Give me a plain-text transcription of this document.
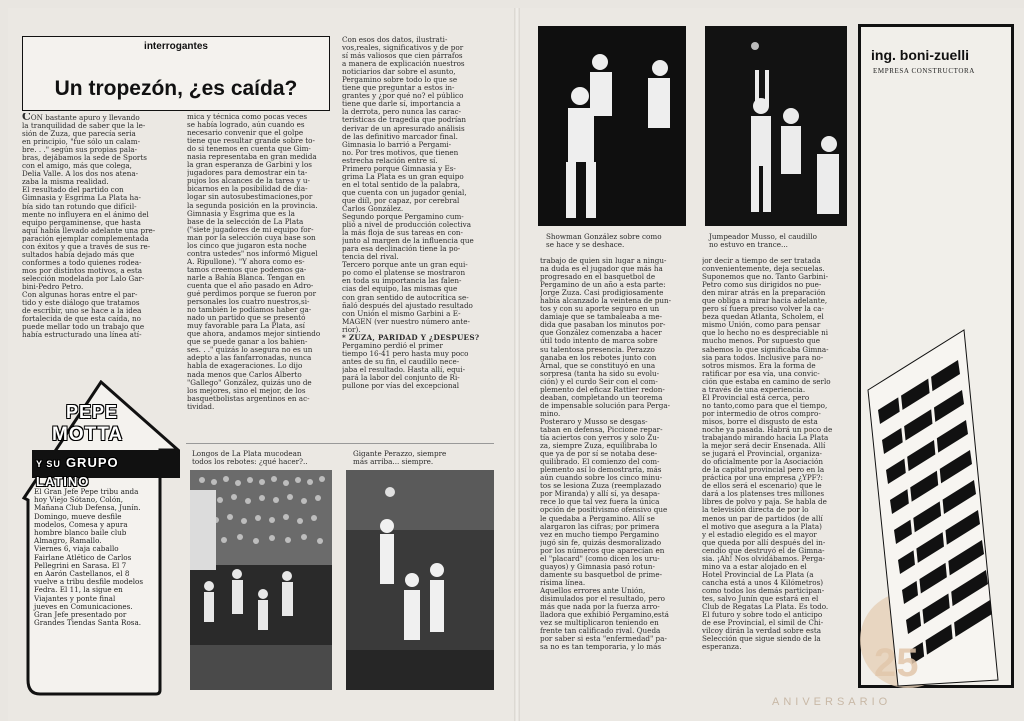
interrogantes
Un tropezón, ¿es caída?
CON bastante apuro y llevando
la tranquilidad de saber que la le-
sión de Zuza, que parecía seria
en principio, "fue sólo un calam-
bre. . ." según sus propias pala-
bras, dejábamos la sede de Sports
con el amigo, más que colega,
Delia Valle. A los dos nos atena-
zaba la misma realidad.
El resultado del partido con
Gimnasia y Esgrima La Plata ha-
bía sido tan rotundo que difícil-
mente no influyera en el ánimo del
equipo pergaminense, que hasta
aquí había llevado adelante una pre-
paración ejemplar complementada
con éxitos y que a través de sus re-
sultados había dejado más que
conformes a todo quienes rodea-
mos por distintos motivos, a esta
selección modelada por Lalo Gar-
bini-Pedro Petro.
Con algunas horas entre el par-
tido y este diálogo que tratamos
de escribir, uno se hace a la idea
fortalecida de que esta caída, no
puede mellar todo un trabajo que
había estructurado una línea atí-
mica y técnica como pocas veces
se había logrado, aún cuando es
necesario convenir que el golpe
tiene que resultar grande sobre to-
do si tenemos en cuenta que Gim-
nasia representaba en gran medida
la gran esperanza de Garbini y los
jugadores para demostrar ein ta-
pujos los alcances de la tarea y u-
bicarnos en la posibilidad de dia-
logar sin autosubestimaciones,por
la segunda posición en la provincia.
Gimnasia y Esgrima que es la
base de la selección de La Plata
("siete jugadores de mi equipo for-
man por la selección cuya base son
los cinco que jugaron esta noche
contra ustedes" nos informó Miguel
A. Ripullone). "Y ahora como es-
tamos creemos que podemos ga-
narle a Bahía Blanca. Tengan en
cuenta que el año pasado en Adro-
gué perdimos porque se fueron por
personales los cuatro nuestros,si-
no también le podíamos haber ga-
nado un partido que se presentó
muy favorable para La Plata, así
que ahora, andamos mejor sintiendo
que se puede ganar a los bahien-
ses. . ." quizás lo asegura no es un
adepto a las fanfarronadas, nunca
habla de exageraciones. Lo dijo
nada menos que Carlos Alberto
"Gallego" González, quizás uno de
los mejores, sino el mejor, de los
basquetbolistas argentinos en ac-
tividad.
Con esos dos datos, ilustrati-
vos,reales, significativos y de por
sí más valiosos que cien párrafos
a manera de explicación nuestros
noticiarios dar sobre el asunto,
Pergamino sobre todo lo que se
tiene que preguntar a estos in-
grantes y ¿por qué no? el público
tiene que darle sí, importancia a
la derrota, pero nunca las carac-
terísticas de tragedia que podrían
derivar de un apresurado análisis
de las definitivo marcador final.
Gimnasia lo barrió a Pergami-
no. Por tres motivos, que tienen
estrecha relación entre sí.
Primero porque Gimnasia y Es-
grima La Plata es un gran equipo
en el total sentido de la palabra,
que cuenta con un jugador genial,
que diíl, por capaz, por cerebral
Carlos González.
Segundo porque Pergamino cum-
plió a nivel de producción colectiva
la más floja de sus tareas en con-
junto al margen de la influencia que
para esa declinación tiene la po-
tencia del rival.
Tercero porque ante un gran equi-
po como el platense se mostraron
en toda su importancia las falen-
cias del equipo, las mismas que
con gran sentido de autocrítica se-
ñaló después del ajustado resultado
con Unión el mismo Garbini a E-
MAGEN (ver nuestro número ante-
rior).
* ZUZA, PARIDAD Y ¿DESPUES?
Pergamino perdió el primer
tiempo 16-41 pero hasta muy poco
antes de su fin, el caudillo nece-
jaba el resultado. Hasta allí, equi-
pará la labor del conjunto de Ri-
pullone por vías del excepcional
PEPE
MOTTA
Y SU GRUPO LATINO
El Gran Jefe Pepe tribu anda
hoy Viejo Sótano, Colón,
Mañana Club Defensa, Junín.
Domingo, mueve desfile
modelos, Comesa y apura
hombre blanco baile club
Almagro, Ramallo.
Viernes 6, viaja caballo
Fairlane Atlético de Carlos
Pellegrini en Sarasa. El 7
en Aarón Castellanos, el 8
vuelve a tribu desfile modelos
Fedra. El 11, la sigue en
Viajantes y ponte final
jueves en Comunicaciones.
Gran Jefe presentado por
Grandes Tiendas Santa Rosa.
Longos de La Plata mucodean
todos los rebotes: ¿qué hacer?..
Gigante Perazzo, siempre
más arriba... siempre.
Showman González sobre como
se hace y se deshace.
Jumpeador Musso, el caudillo
no estuvo en trance...
trabajo de quien sin lugar a ningu-
na duda es el jugador que más ha
progresado en el basquetbol de
Pergamino de un año a esta parte:
Jorge Zuza. Casi prodigiosamente
había alcanzado la veintena de pun-
tos y con su aporte seguro en un
damiaje que se tambaleaba a me-
dida que pasaban los minutos por-
que González comenzaba a hacer
útil todo intento de marca sobre
su talentosa presencia. Perazzo
ganaba en los rebotes junto con
Arnal, que se constituyó en una
sorpresa (tanta ha sido su evolu-
ción) y el curdo Seir con el com-
plemento del eficaz Rattier redon-
deaban, completando un teorema
de impensable solución para Perga-
mino.
Posteraro y Musso se desgas-
taban en defensa, Piccione repar-
tía aciertos con yerros y solo Zu-
za, siempre Zuza, equilibraba lo
que ya de por sí se notaba dese-
quilibrado. El comienzo del com-
plemento así lo demostraría, más
aún cuando sobre los cinco minu-
tos se lesiona Zuza (reemplazado
por Miranda) y allí sí, ya desapa-
rece lo que tal vez fuera la única
opción de positivismo ofensivo que
le quedaba a Pergamino. Allí se
alargaron las cifras; por primera
vez en mucho tiempo Pergamino
jugó sin fe, quizás desmoralizado
por los números que aparecían en
el "placard" (como dicen los uru-
guayos) y Gimnasia pasó rotun-
damente su basquetbol de prime-
rísima línea.
Aquellos errores ante Unión,
disimulados por el resultado, pero
más que nada por la fuerza arro-
lladora que exhibió Pergamino,está
vez se multiplicaron teniendo en
frente tan calificado rival. Queda
por saber si esta "enfermedad" pa-
sa no es tan temporaria, y lo más
jor decir a tiempo de ser tratada
convenientemente, deja secuelas.
Suponemos que no. Tanto Garbini-
Petro como sus dirigidos no pue-
den mirar atrás en la preparación
que obliga a mirar hacia adelante,
pero sí fuera preciso volver la ca-
beza quedan Atlanta, Scholem, el
mismo Unión, como para pensar
que lo hecho no es despreciable ni
mucho menos. Por supuesto que
sabemos lo que significaba Gimna-
sia para todos. Inclusive para no-
sotros mismos. Era la forma de
ratificar por esa vía, una convic-
ción que estaba en camino de serlo
a través de una experiencia.
El Provincial está cerca, pero
no tanto,como para que el tiempo,
por intermedio de otros compro-
misos, borre el disgusto de esta
noche ya pasada. Habrá un poco de
trabajando mirando hacia La Plata
la mejor será decir Ensenada. Allí
se jugará el Provincial, organiza-
do oficialmente por la Asociación
de la capital provincial pero en la
práctica por una empresa ¿YPF?:
de ellos será el escenario) que le
dará a los platenses tres millones
libres de polvo y paja. Se habla de
la televisión directa de por lo
menos un par de partidos (de allí
el motivo que asegura a la Plata)
y el estadio elegido es el mayor
que queda por allí después del in-
cendio que destruyó el de Gimna-
sia. ¡Ah! Nos olvidábamos. Perga-
mino va a estar alojado en el
Hotel Provincial de La Plata (a
cancha está a unos 4 Kilómetros)
como todos los demás participan-
tes, salvo Junín que estará en el
Club de Regatas La Plata. Es todo.
El futuro y sobre todo el anticipo
de ese Provincial, el simil de Chi-
vilcoy dirán la verdad sobre esta
Selección que sigue siendo de la
esperanza.
ing. boni-zuelli
EMPRESA CONSTRUCTORA
25
ANIVERSARIO
